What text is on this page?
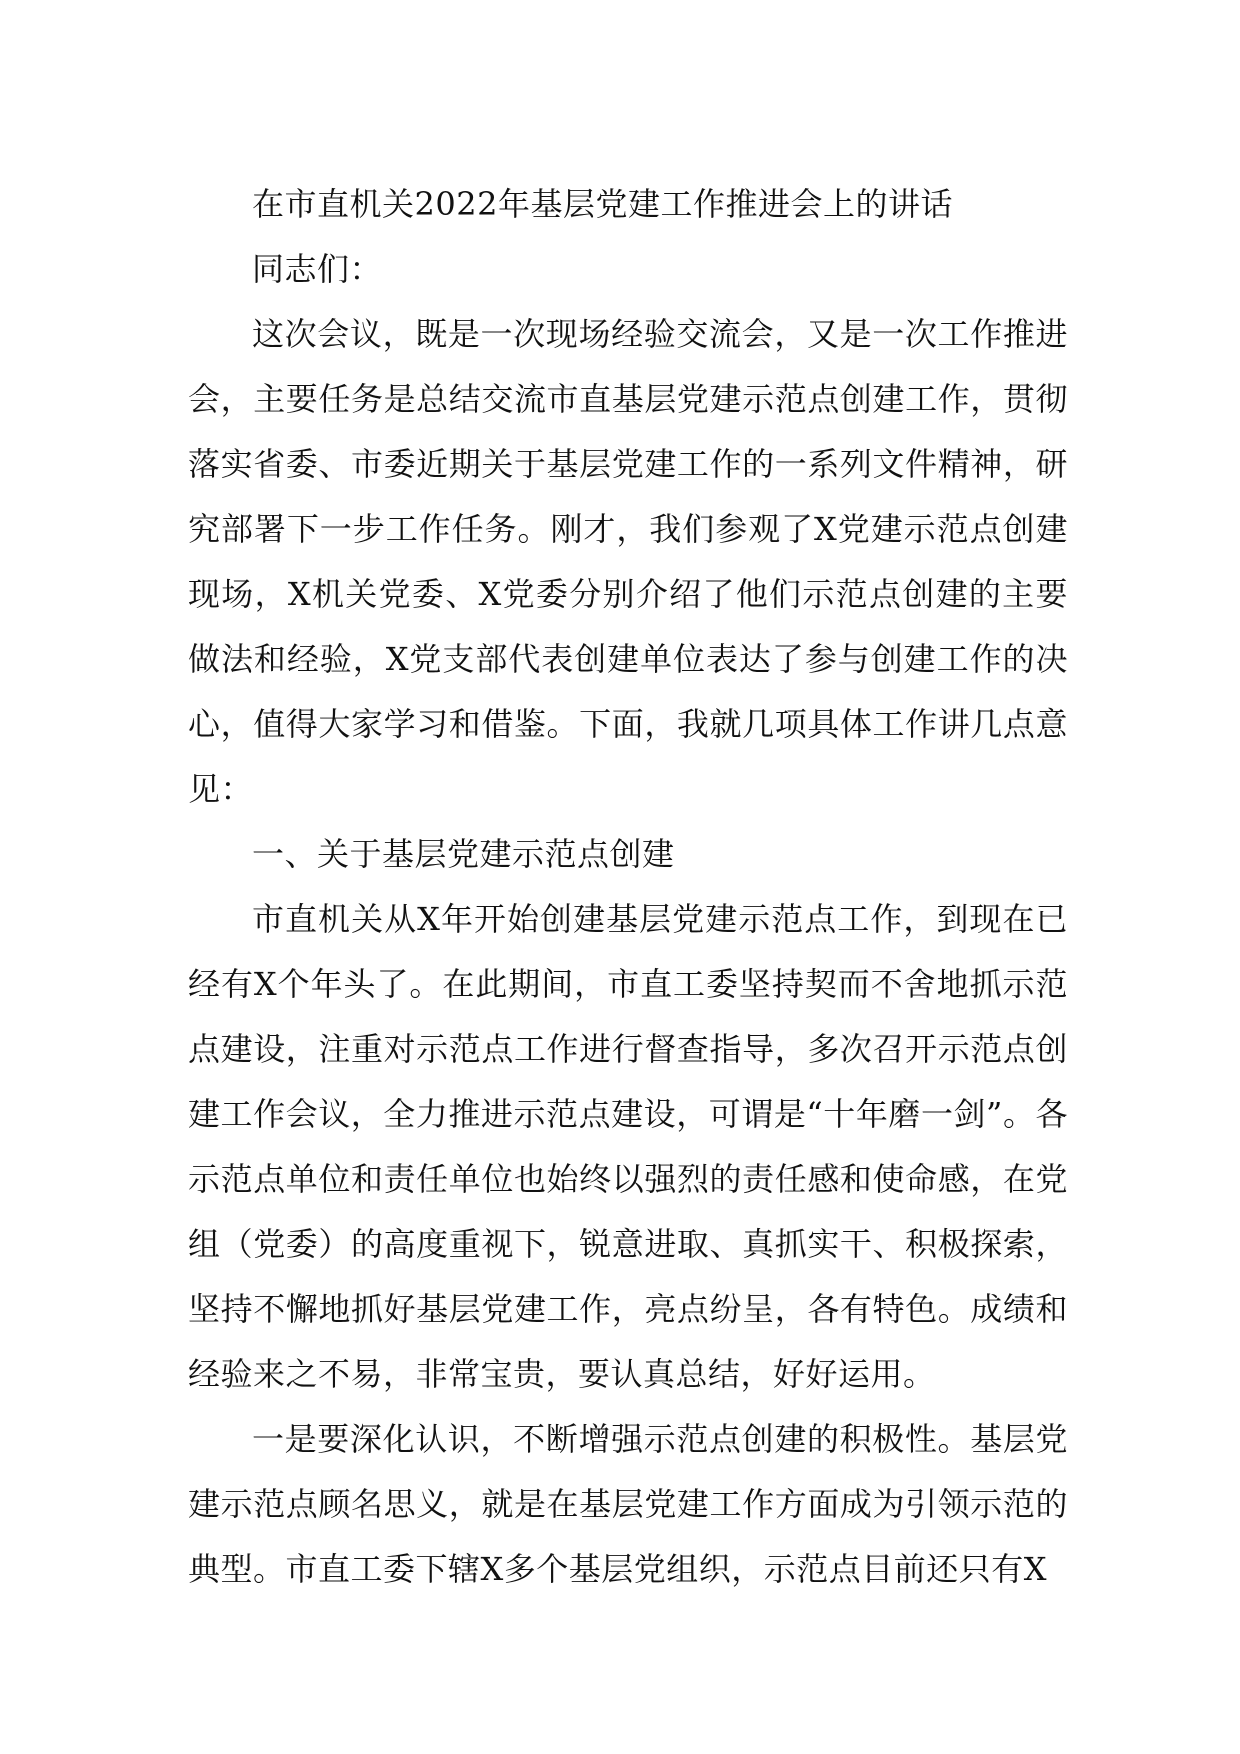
在市直机关2022年基层党建工作推进会上的讲话

同志们：

这次会议，既是一次现场经验交流会，又是一次工作推进会，主要任务是总结交流市直基层党建示范点创建工作，贯彻落实省委、市委近期关于基层党建工作的一系列文件精神，研究部署下一步工作任务。刚才，我们参观了X党建示范点创建现场，X机关党委、X党委分别介绍了他们示范点创建的主要做法和经验，X党支部代表创建单位表达了参与创建工作的决心，值得大家学习和借鉴。下面，我就几项具体工作讲几点意见：

一、关于基层党建示范点创建

市直机关从X年开始创建基层党建示范点工作，到现在已经有X个年头了。在此期间，市直工委坚持契而不舍地抓示范点建设，注重对示范点工作进行督查指导，多次召开示范点创建工作会议，全力推进示范点建设，可谓是“十年磨一剑”。各示范点单位和责任单位也始终以强烈的责任感和使命感，在党组（党委）的高度重视下，锐意进取、真抓实干、积极探索，坚持不懈地抓好基层党建工作，亮点纷呈，各有特色。成绩和经验来之不易，非常宝贵，要认真总结，好好运用。

一是要深化认识，不断增强示范点创建的积极性。基层党建示范点顾名思义，就是在基层党建工作方面成为引领示范的典型。市直工委下辖X多个基层党组织，示范点目前还只有X
